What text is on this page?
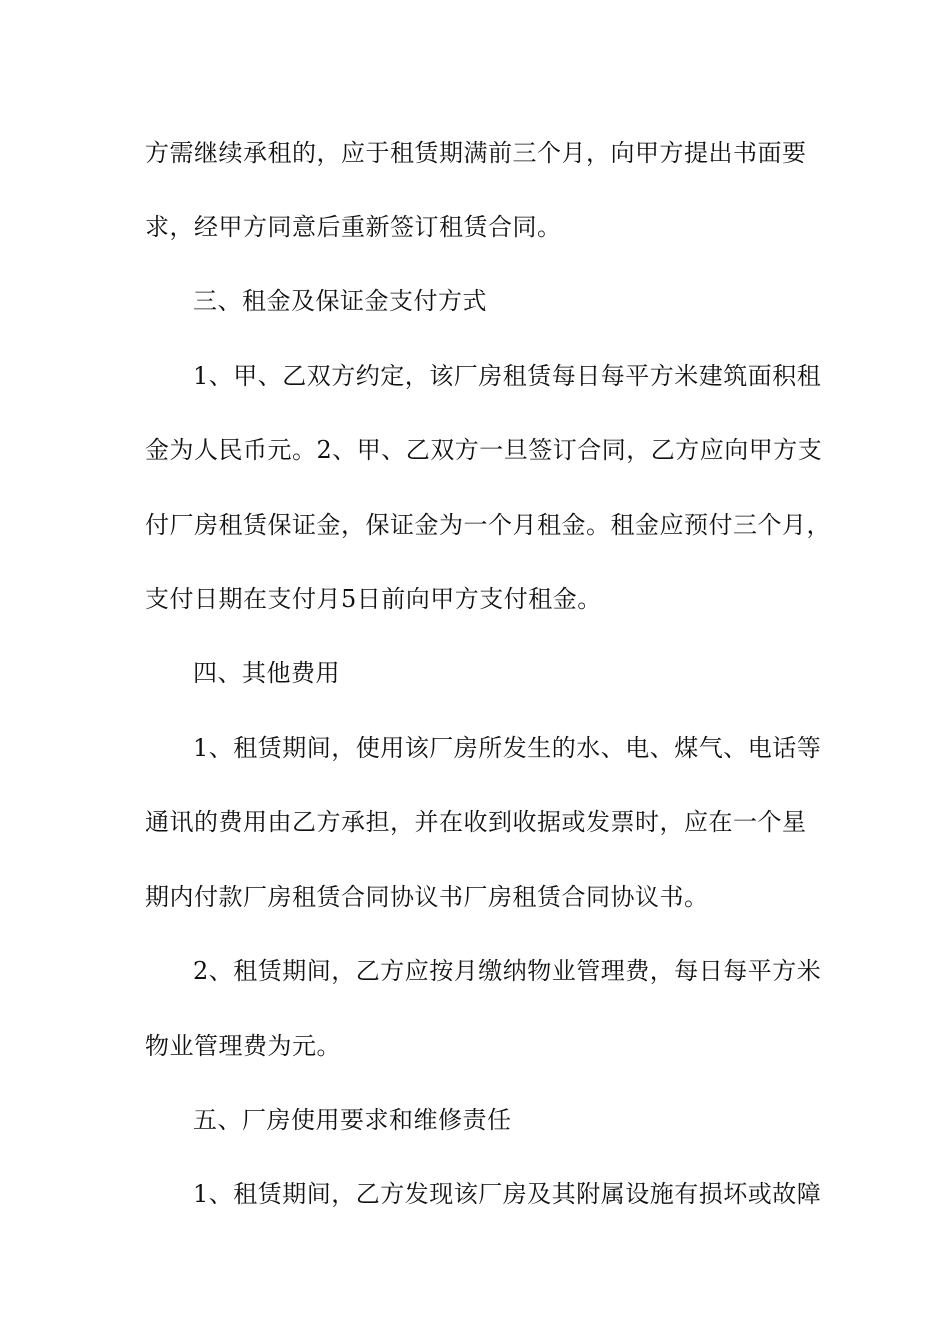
方需继续承租的，应于租赁期满前三个月，向甲方提出书面要
求，经甲方同意后重新签订租赁合同。
三、租金及保证金支付方式
1、甲、乙双方约定，该厂房租赁每日每平方米建筑面积租
金为人民币元。2、甲、乙双方一旦签订合同，乙方应向甲方支
付厂房租赁保证金，保证金为一个月租金。租金应预付三个月，
支付日期在支付月5日前向甲方支付租金。
四、其他费用
1、租赁期间，使用该厂房所发生的水、电、煤气、电话等
通讯的费用由乙方承担，并在收到收据或发票时，应在一个星
期内付款厂房租赁合同协议书厂房租赁合同协议书。
2、租赁期间，乙方应按月缴纳物业管理费，每日每平方米
物业管理费为元。
五、厂房使用要求和维修责任
1、租赁期间，乙方发现该厂房及其附属设施有损坏或故障
